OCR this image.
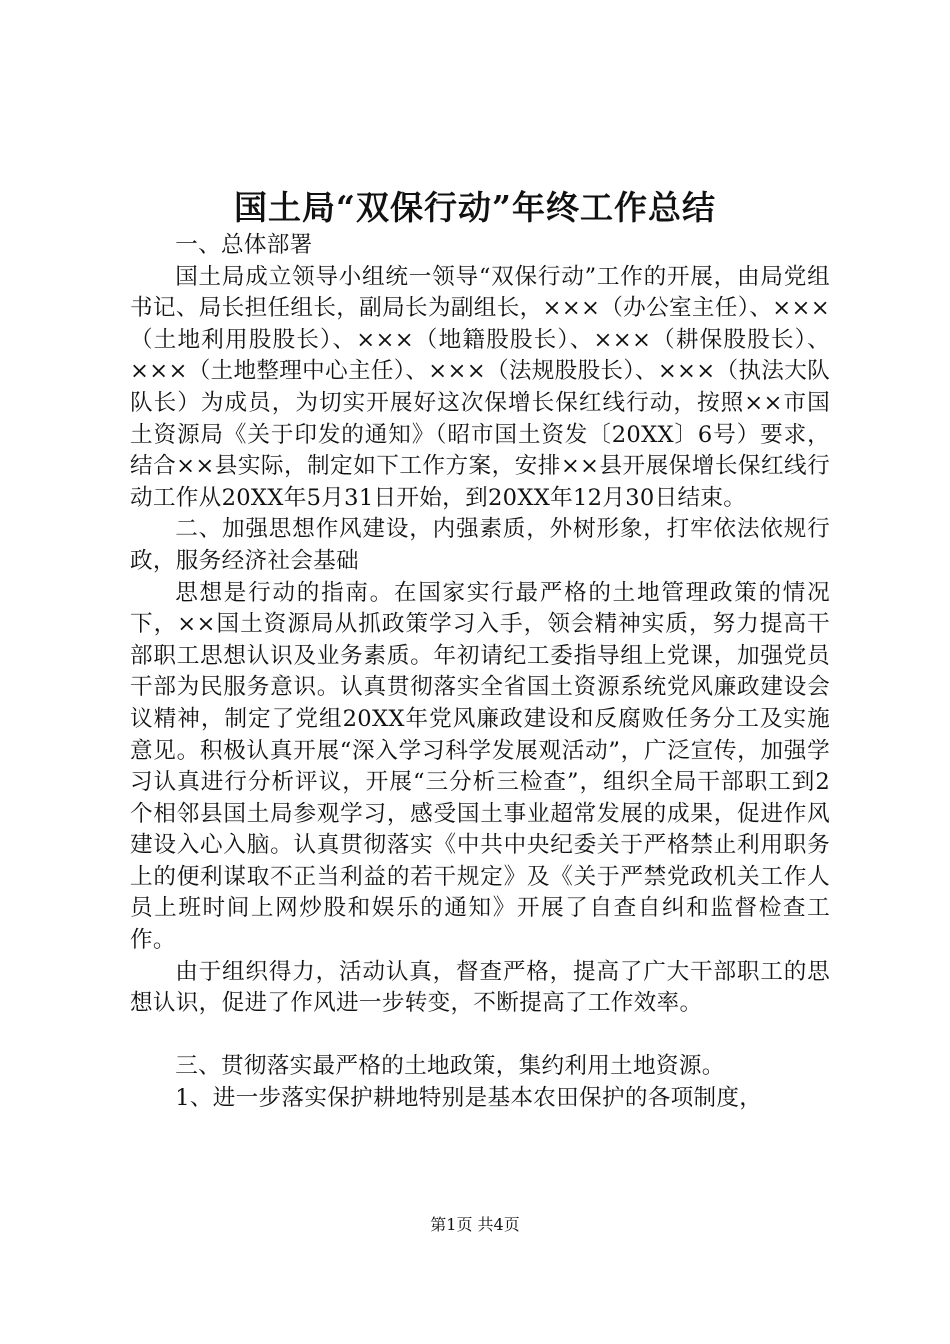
国土局“双保行动”年终工作总结

一、总体部署

国土局成立领导小组统一领导“双保行动”工作的开展，由局党组书记、局长担任组长，副局长为副组长，×××（办公室主任）、×××（土地利用股股长）、×××（地籍股股长）、×××（耕保股股长）、×××（土地整理中心主任）、×××（法规股股长）、×××（执法大队队长）为成员，为切实开展好这次保增长保红线行动，按照××市国土资源局《关于印发的通知》（昭市国土资发〔20XX〕6号）要求，结合××县实际，制定如下工作方案，安排××县开展保增长保红线行动工作从20XX年5月31日开始，到20XX年12月30日结束。

二、加强思想作风建设，内强素质，外树形象，打牢依法依规行政，服务经济社会基础

思想是行动的指南。在国家实行最严格的土地管理政策的情况下，××国土资源局从抓政策学习入手，领会精神实质，努力提高干部职工思想认识及业务素质。年初请纪工委指导组上党课，加强党员干部为民服务意识。认真贯彻落实全省国土资源系统党风廉政建设会议精神，制定了党组20XX年党风廉政建设和反腐败任务分工及实施意见。积极认真开展“深入学习科学发展观活动”，广泛宣传，加强学习认真进行分析评议，开展“三分析三检查”，组织全局干部职工到2个相邻县国土局参观学习，感受国土事业超常发展的成果，促进作风建设入心入脑。认真贯彻落实《中共中央纪委关于严格禁止利用职务上的便利谋取不正当利益的若干规定》及《关于严禁党政机关工作人员上班时间上网炒股和娱乐的通知》开展了自查自纠和监督检查工作。

由于组织得力，活动认真，督查严格，提高了广大干部职工的思想认识，促进了作风进一步转变，不断提高了工作效率。

三、贯彻落实最严格的土地政策，集约利用土地资源。

1、进一步落实保护耕地特别是基本农田保护的各项制度，

第1页 共4页
